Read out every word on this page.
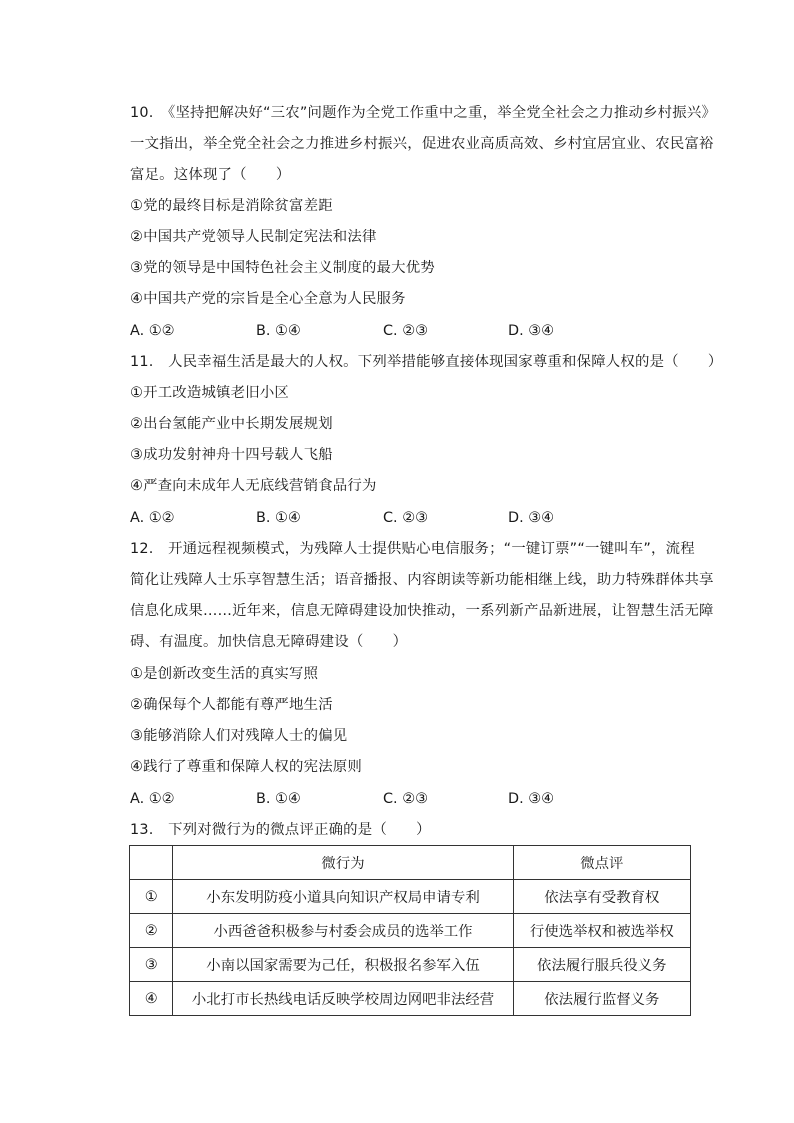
10.　《坚持把解决好“三农”问题作为全党工作重中之重，举全党全社会之力推动乡村振兴》
一文指出，举全党全社会之力推进乡村振兴，促进农业高质高效、乡村宜居宜业、农民富裕
富足。这体现了（　　）
①党的最终目标是消除贫富差距
②中国共产党领导人民制定宪法和法律
③党的领导是中国特色社会主义制度的最大优势
④中国共产党的宗旨是全心全意为人民服务
A. ①②	B. ①④	C. ②③	D. ③④
11.　人民幸福生活是最大的人权。下列举措能够直接体现国家尊重和保障人权的是（　　）
①开工改造城镇老旧小区
②出台氢能产业中长期发展规划
③成功发射神舟十四号载人飞船
④严查向未成年人无底线营销食品行为
A. ①②	B. ①④	C. ②③	D. ③④
12.　开通远程视频模式，为残障人士提供贴心电信服务；“一键订票”“一键叫车”，流程
简化让残障人士乐享智慧生活；语音播报、内容朗读等新功能相继上线，助力特殊群体共享
信息化成果……近年来，信息无障碍建设加快推动，一系列新产品新进展，让智慧生活无障
碍、有温度。加快信息无障碍建设（　　）
①是创新改变生活的真实写照
②确保每个人都能有尊严地生活
③能够消除人们对残障人士的偏见
④践行了尊重和保障人权的宪法原则
A. ①②	B. ①④	C. ②③	D. ③④
13.　下列对微行为的微点评正确的是（　　）
	微行为	微点评
①	小东发明防疫小道具向知识产权局申请专利	依法享有受教育权
②	小西爸爸积极参与村委会成员的选举工作	行使选举权和被选举权
③	小南以国家需要为己任，积极报名参军入伍	依法履行服兵役义务
④	小北打市长热线电话反映学校周边网吧非法经营	依法履行监督义务
